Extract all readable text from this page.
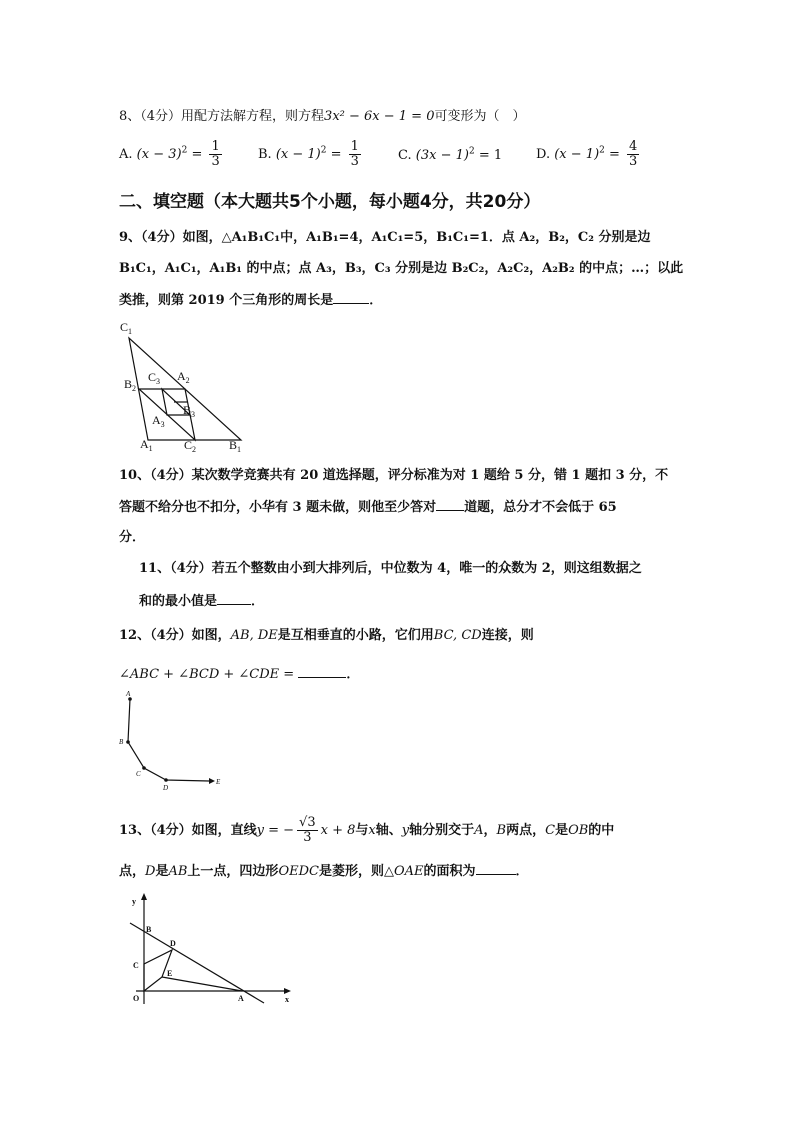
8、（4分）用配方法解方程，则方程3x² − 6x − 1 = 0可变形为（　）
A. $(x - 3)^2 = \frac{1}{3}$	B. $(x - 1)^2 = \frac{1}{3}$	C. $(3x - 1)^2 = 1$	D. $(x - 1)^2 = \frac{4}{3}$
二、填空题（本大题共5个小题，每小题4分，共20分）
9、（4分）如图，△A₁B₁C₁中，A₁B₁=4，A₁C₁=5，B₁C₁=1．点 A₂，B₂，C₂ 分别是边
B₁C₁，A₁C₁，A₁B₁ 的中点；点 A₃，B₃，C₃ 分别是边 B₂C₂，A₂C₂，A₂B₂ 的中点；…；以此
类推，则第 2019 个三角形的周长是	．
$C_1$
$A_2$
$C_3$
$B_2$
$B_3$
$A_3$
$A_1$	$C_2$	$B_1$
10、（4分）某次数学竞赛共有 20 道选择题，评分标准为对 1 题给 5 分，错 1 题扣 3 分，不
答题不给分也不扣分，小华有 3 题未做，则他至少答对 道题，总分才不会低于 65
分．
11、（4分）若五个整数由小到大排列后，中位数为 4，唯一的众数为 2，则这组数据之
和的最小值是	．
12、（4分）如图，AB, DE是互相垂直的小路，它们用BC, CD连接，则
∠ABC + ∠BCD + ∠CDE =	．
A
B
C
D
E
13、（4分）如图，直线y = − $\frac{√3}{3}$ x + 8与x轴、y轴分别交于A，B两点，C是OB的中
点，D是AB上一点，四边形OEDC是菱形，则△OAE的面积为	．
y
B
D
C
E
O	A	x
